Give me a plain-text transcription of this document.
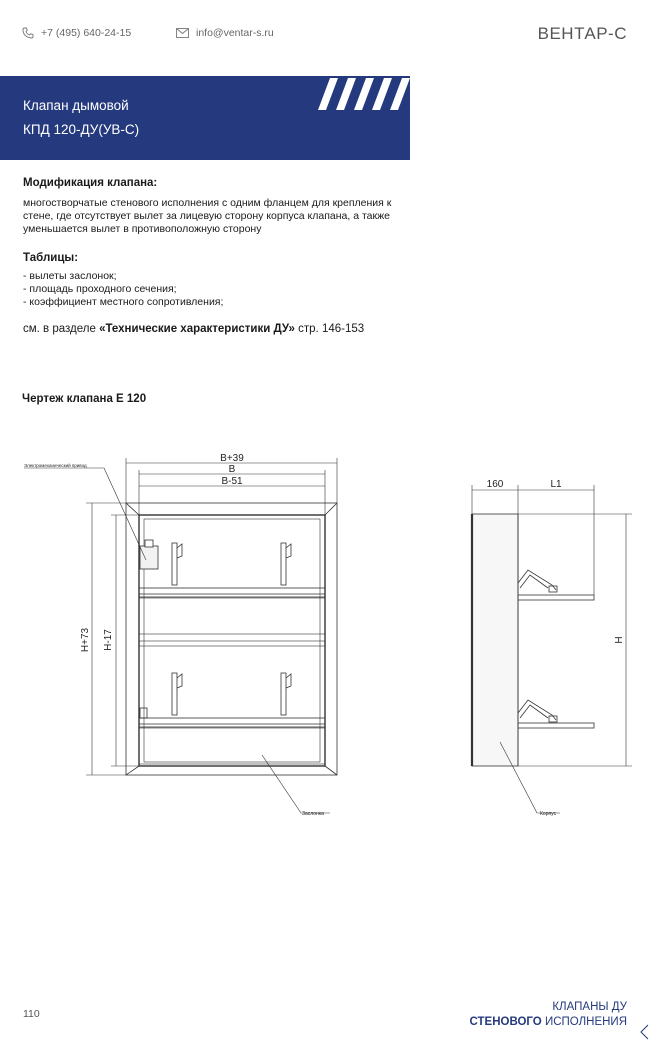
+7 (495) 640-24-15	info@ventar-s.ru	ВЕНТАР-С
Клапан дымовой
КПД 120-ДУ(УВ-С)

Модификация клапана:

многостворчатые стенового исполнения с одним фланцем для крепления к стене, где отсутствует вылет за лицевую сторону корпуса клапана, а также уменьшается вылет в противоположную сторону

Таблицы:

- вылеты заслонок;
- площадь проходного сечения;
- коэффициент местного сопротивления;

см. в разделе «Технические характеристики ДУ» стр. 146-153

Чертеж клапана Е 120
B+39
B
B-51
H+73 H-17
Электромеханический привод
Заслонка
160	L1
H
Корпус
110
КЛАПАНЫ ДУ
СТЕНОВОГО ИСПОЛНЕНИЯ
